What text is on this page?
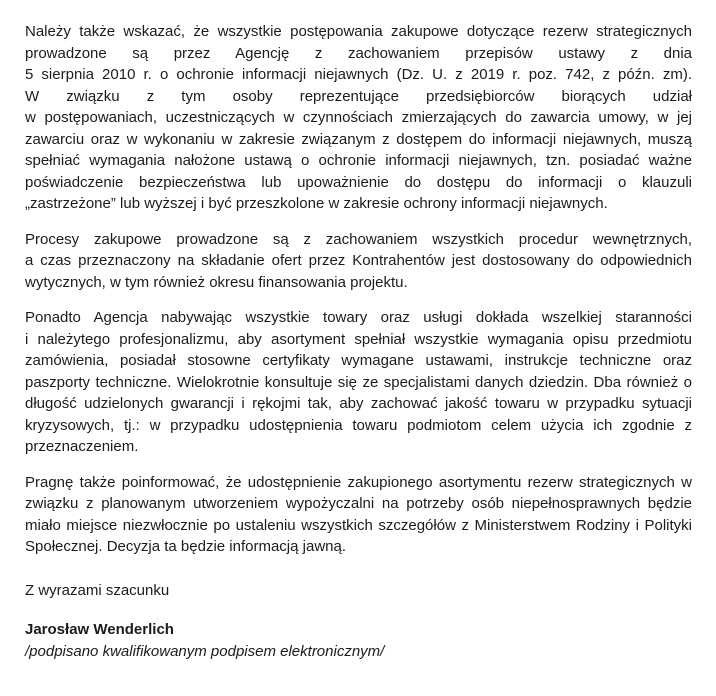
Należy także wskazać, że wszystkie postępowania zakupowe dotyczące rezerw strategicznych
prowadzone są przez Agencję z zachowaniem przepisów ustawy z dnia
5 sierpnia 2010 r. o ochronie informacji niejawnych (Dz. U. z 2019 r. poz. 742, z późn. zm).
W związku z tym osoby reprezentujące przedsiębiorców biorących udział
w postępowaniach, uczestniczących w czynnościach zmierzających do zawarcia umowy, w jej
zawarciu oraz w wykonaniu w zakresie związanym z dostępem do informacji niejawnych, muszą
spełniać wymagania nałożone ustawą o ochronie informacji niejawnych, tzn. posiadać ważne
poświadczenie bezpieczeństwa lub upoważnienie do dostępu do informacji o klauzuli
„zastrzeżone” lub wyższej i być przeszkolone w zakresie ochrony informacji niejawnych.
Procesy zakupowe prowadzone są z zachowaniem wszystkich procedur wewnętrznych,
a czas przeznaczony na składanie ofert przez Kontrahentów jest dostosowany do odpowiednich
wytycznych, w tym również okresu finansowania projektu.
Ponadto Agencja nabywając wszystkie towary oraz usługi dokłada wszelkiej staranności
i należytego profesjonalizmu, aby asortyment spełniał wszystkie wymagania opisu przedmiotu
zamówienia, posiadał stosowne certyfikaty wymagane ustawami, instrukcje techniczne oraz
paszporty techniczne. Wielokrotnie konsultuje się ze specjalistami danych dziedzin. Dba również o
długość udzielonych gwarancji i rękojmi tak, aby zachować jakość towaru w przypadku sytuacji
kryzysowych, tj.: w przypadku udostępnienia towaru podmiotom celem użycia ich zgodnie z
przeznaczeniem.
Pragnę także poinformować, że udostępnienie zakupionego asortymentu rezerw strategicznych w
związku z planowanym utworzeniem wypożyczalni na potrzeby osób niepełnosprawnych będzie
miało miejsce niezwłocznie po ustaleniu wszystkich szczegółów z Ministerstwem Rodziny i Polityki
Społecznej. Decyzja ta będzie informacją jawną.
Z wyrazami szacunku
Jarosław Wenderlich
/podpisano kwalifikowanym podpisem elektronicznym/
